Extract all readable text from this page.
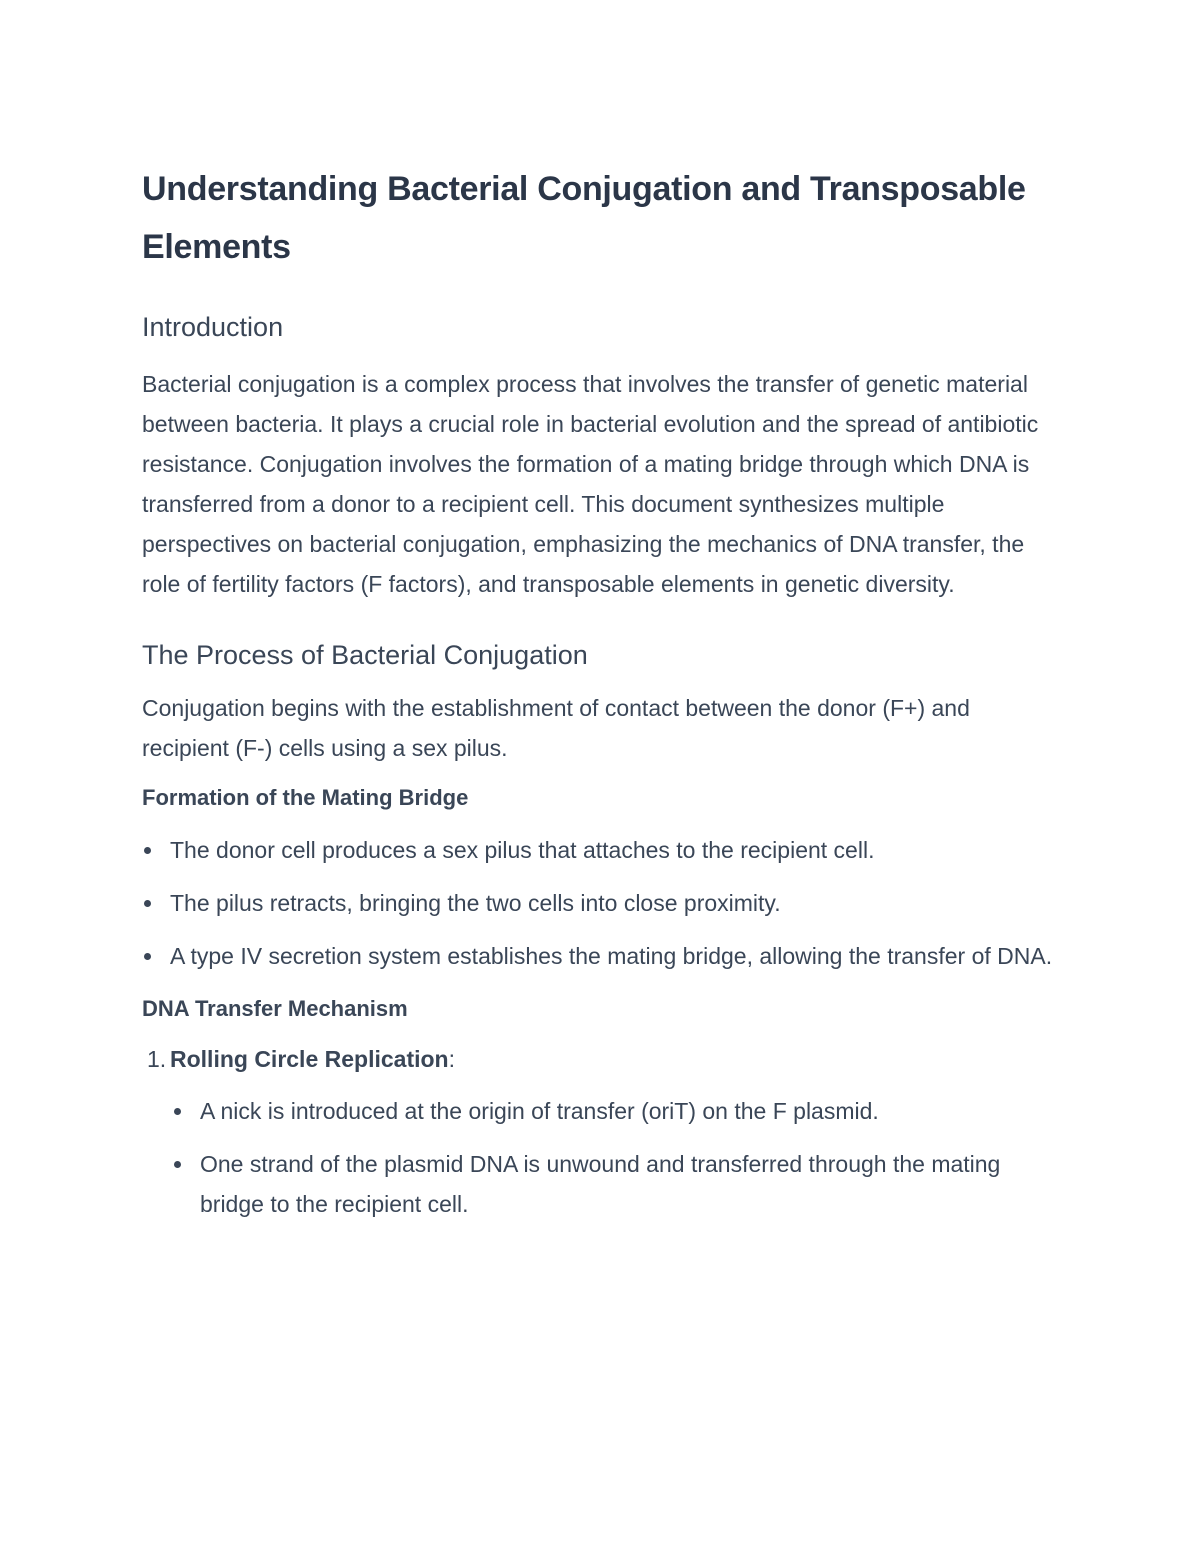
Understanding Bacterial Conjugation and Transposable Elements
Introduction

Bacterial conjugation is a complex process that involves the transfer of genetic material between bacteria. It plays a crucial role in bacterial evolution and the spread of antibiotic resistance. Conjugation involves the formation of a mating bridge through which DNA is transferred from a donor to a recipient cell. This document synthesizes multiple perspectives on bacterial conjugation, emphasizing the mechanics of DNA transfer, the role of fertility factors (F factors), and transposable elements in genetic diversity.

The Process of Bacterial Conjugation

Conjugation begins with the establishment of contact between the donor (F+) and recipient (F-) cells using a sex pilus.

Formation of the Mating Bridge
The donor cell produces a sex pilus that attaches to the recipient cell.
The pilus retracts, bringing the two cells into close proximity.
A type IV secretion system establishes the mating bridge, allowing the transfer of DNA.
DNA Transfer Mechanism
1. Rolling Circle Replication:
A nick is introduced at the origin of transfer (oriT) on the F plasmid.
One strand of the plasmid DNA is unwound and transferred through the mating bridge to the recipient cell.
